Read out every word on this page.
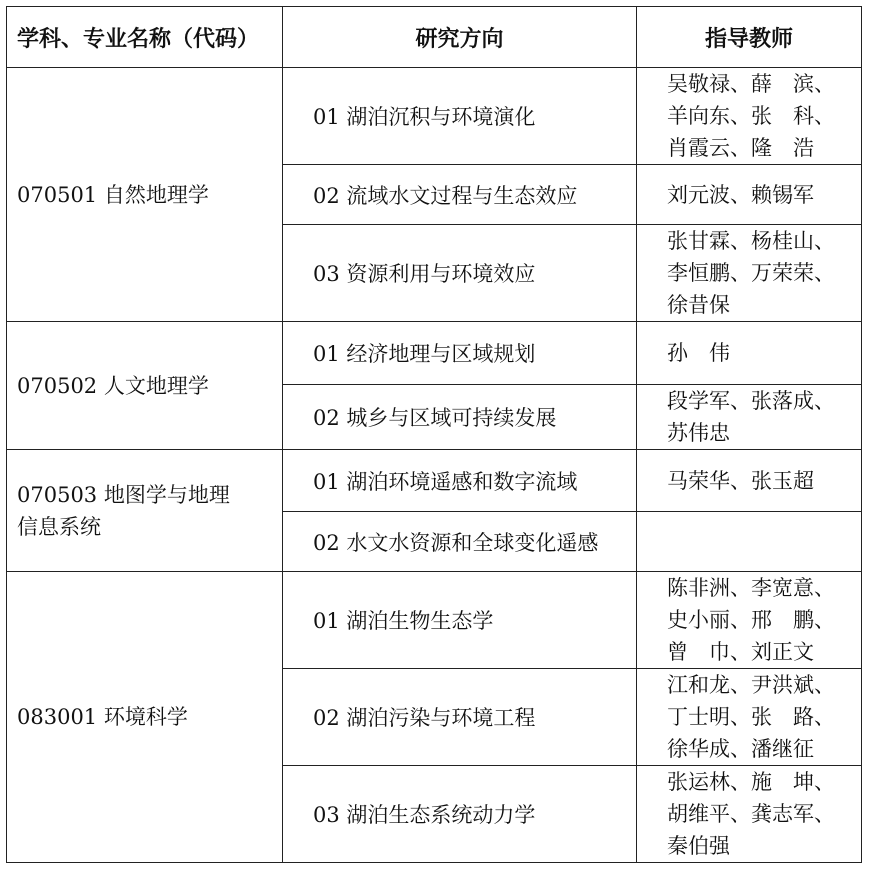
学科、专业名称（代码）	研究方向	指导教师
070501 自然地理学	01 湖泊沉积与环境演化	吴敬禄、薛　滨、
羊向东、张　科、
肖霞云、隆　浩

	02 流域水文过程与生态效应	刘元波、赖锡军

	03 资源利用与环境效应	张甘霖、杨桂山、
李恒鹏、万荣荣、
徐昔保

070502 人文地理学	01 经济地理与区域规划	孙　伟

	02 城乡与区域可持续发展	段学军、张落成、
苏伟忠

070503 地图学与地理
信息系统	01 湖泊环境遥感和数字流域	马荣华、张玉超

	02 水文水资源和全球变化遥感	
083001 环境科学	01 湖泊生物生态学	陈非洲、李宽意、
史小丽、邢　鹏、
曾　巾、刘正文

	02 湖泊污染与环境工程	江和龙、尹洪斌、
丁士明、张　路、
徐华成、潘继征

	03 湖泊生态系统动力学	张运林、施　坤、
胡维平、龚志军、
秦伯强
